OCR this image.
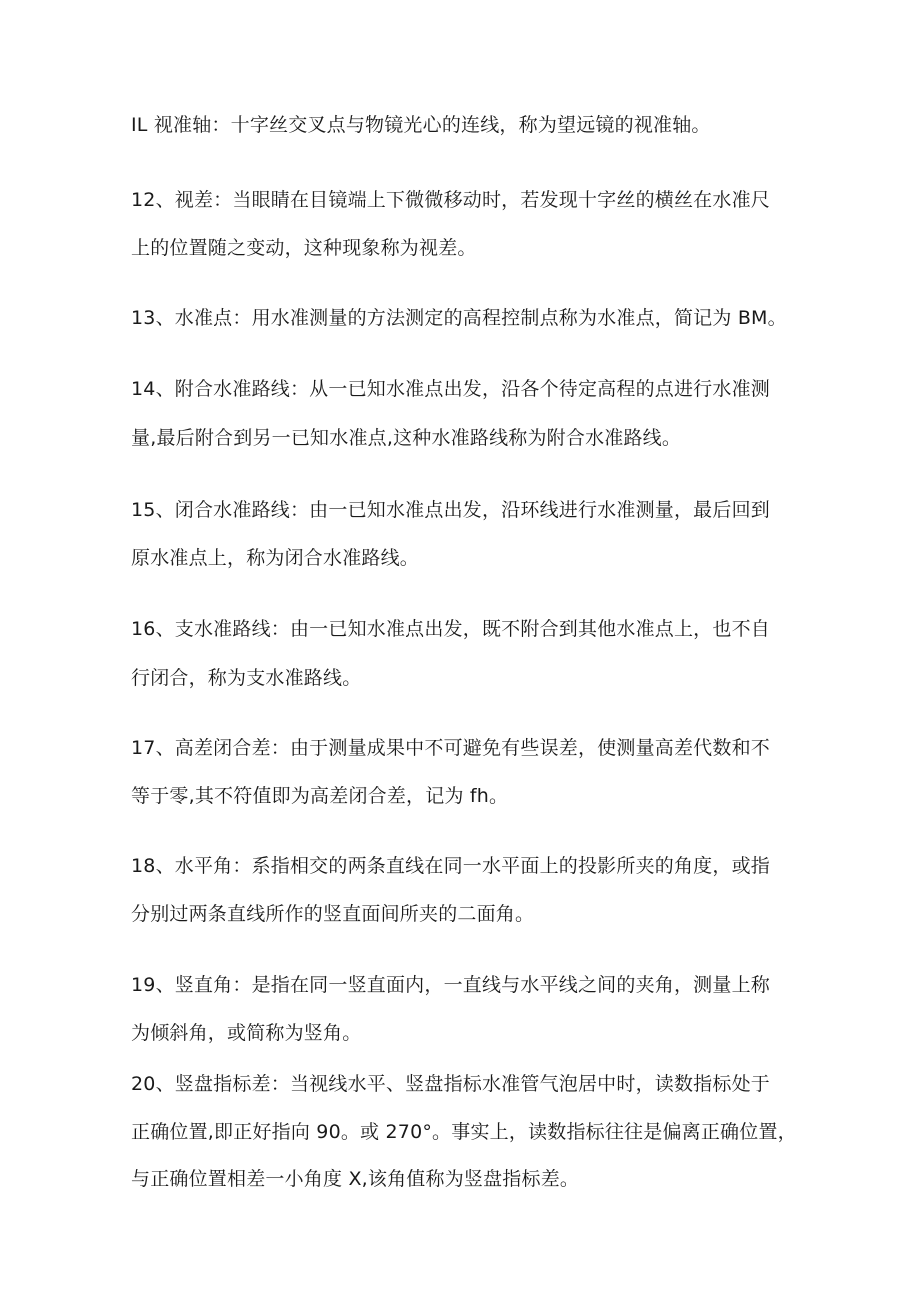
IL 视准轴：十字丝交叉点与物镜光心的连线，称为望远镜的视准轴。
12、视差：当眼睛在目镜端上下微微移动时，若发现十字丝的横丝在水准尺
上的位置随之变动，这种现象称为视差。
13、水准点：用水准测量的方法测定的高程控制点称为水准点，简记为 BM。
14、附合水准路线：从一已知水准点出发，沿各个待定高程的点进行水准测
量,最后附合到另一已知水准点,这种水准路线称为附合水准路线。
15、闭合水准路线：由一已知水准点出发，沿环线进行水准测量，最后回到
原水准点上，称为闭合水准路线。
16、支水准路线：由一已知水准点出发，既不附合到其他水准点上，也不自
行闭合，称为支水准路线。
17、高差闭合差：由于测量成果中不可避免有些误差，使测量高差代数和不
等于零,其不符值即为高差闭合差，记为 fh。
18、水平角：系指相交的两条直线在同一水平面上的投影所夹的角度，或指
分别过两条直线所作的竖直面间所夹的二面角。
19、竖直角：是指在同一竖直面内，一直线与水平线之间的夹角，测量上称
为倾斜角，或简称为竖角。
20、竖盘指标差：当视线水平、竖盘指标水准管气泡居中时，读数指标处于
正确位置,即正好指向 90。或 270°。事实上，读数指标往往是偏离正确位置，
与正确位置相差一小角度 X,该角值称为竖盘指标差。
